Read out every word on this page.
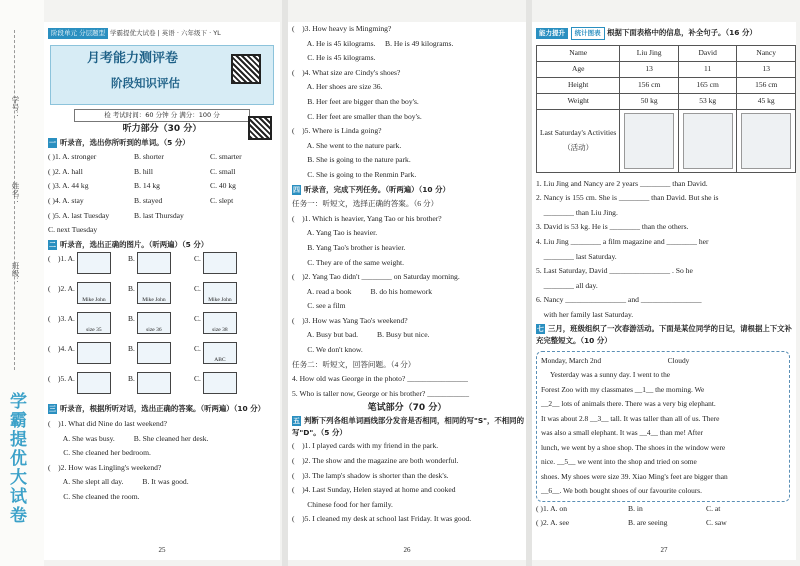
学号：
姓名：
班级：
学霸提优大试卷
阶段单元 分层题型 学霸提优大试卷 | 英语 · 六年级下 · YL
月考能力测评卷
阶段知识评估
检 考试时间：60 分钟 分 满分：100 分
听力部分（30 分）
一 听录音，选出你所听到的单词。（5 分）
( )1. A. stronger	B. shorter	C. smarter
( )2. A. hall	B. hill	C. small
( )3. A. 44 kg	B. 14 kg	C. 40 kg
( )4. A. stay	B. stayed	C. slept
( )5. A. last Tuesday	B. last Thursday
C. next Tuesday
二 听录音，选出正确的图片。（听两遍）（5 分）
(    )1. A.	B.	C.
(    )2. A.
Mike John
B.
Mike John
C.
Mike John
(    )3. A.
size 35
B.
size 36
C.
size 38
(    )4. A.	B.	C.
ABC
(    )5. A.	B.	C.
三 听录音，根据所听对话，选出正确的答案。（听两遍）（10 分）
(    )1. What did Nine do last weekend?
A. She was busy.          B. She cleaned her desk.
C. She cleaned her bedroom.
(    )2. How was Lingling's weekend?
A. She slept all day.          B. It was good.
C. She cleaned the room.
25
(    )3. How heavy is Mingming?
A. He is 45 kilograms.     B. He is 49 kilograms.
C. He is 45 kilograms.
(    )4. What size are Cindy's shoes?
A. Her shoes are size 36.
B. Her feet are bigger than the boy's.
C. Her feet are smaller than the boy's.
(    )5. Where is Linda going?
A. She went to the nature park.
B. She is going to the nature park.
C. She is going to the Renmin Park.
四 听录音，完成下列任务。（听两遍）（10 分）
任务一：听短文，选择正确的答案。（6 分）
(    )1. Which is heavier, Yang Tao or his brother?
A. Yang Tao is heavier.
B. Yang Tao's brother is heavier.
C. They are of the same weight.
(    )2. Yang Tao didn't ________ on Saturday morning.
A. read a book          B. do his homework
C. see a film
(    )3. How was Yang Tao's weekend?
A. Busy but bad.          B. Busy but nice.
C. We don't know.
任务二：听短文，回答问题。（4 分）
4. How old was George in the photo? ________________
5. Who is taller now, George or his brother? ___________
笔试部分（70 分）
五 判断下列各组单词画线部分发音是否相同，相同的写"S"，不相同的写"D"。（5 分）
(    )1. I played cards with my friend in the park.
(    )2. The show and the magazine are both wonderful.
(    )3. The lamp's shadow is shorter than the desk's.
(    )4. Last Sunday, Helen stayed at home and cooked
Chinese food for her family.
(    )5. I cleaned my desk at school last Friday. It was good.
26
能力提升 统计图表 根据下面表格中的信息，补全句子。（16 分）
Name	Liu Jing	David	Nancy
Age	13	11	13
Height	156 cm	165 cm	156 cm
Weight	50 kg	53 kg	45 kg
Last Saturday's Activities
（活动）	

1. Liu Jing and Nancy are 2 years ________ than David.
2. Nancy is 155 cm. She is ________ than David. But she is
________ than Liu Jing.
3. David is 53 kg. He is ________ than the others.
4. Liu Jing ________ a film magazine and ________ her
________ last Saturday.
5. Last Saturday, David ________________ . So he
________ all day.
6. Nancy ________________ and ________________
with her family last Saturday.
七 三月，班级组织了一次春游活动。下面是某位同学的日记，请根据上下文补充完整短文。（10 分）
Monday, March 2nd                                    Cloudy
Yesterday was a sunny day. I went to the
Forest Zoo with my classmates __1__ the morning. We
__2__ lots of animals there. There was a very big elephant.
It was about 2.8 __3__ tall. It was taller than all of us. There
was also a small elephant. It was __4__ than me! After
lunch, we went by a shoe shop. The shoes in the window were
nice. __5__ we went into the shop and tried on some
shoes. My shoes were size 39. Xiao Ming's feet are bigger than
__6__. We both bought shoes of our favourite colours.
( )1. A. on	B. in	C. at
( )2. A. see	B. are seeing	C. saw
27
